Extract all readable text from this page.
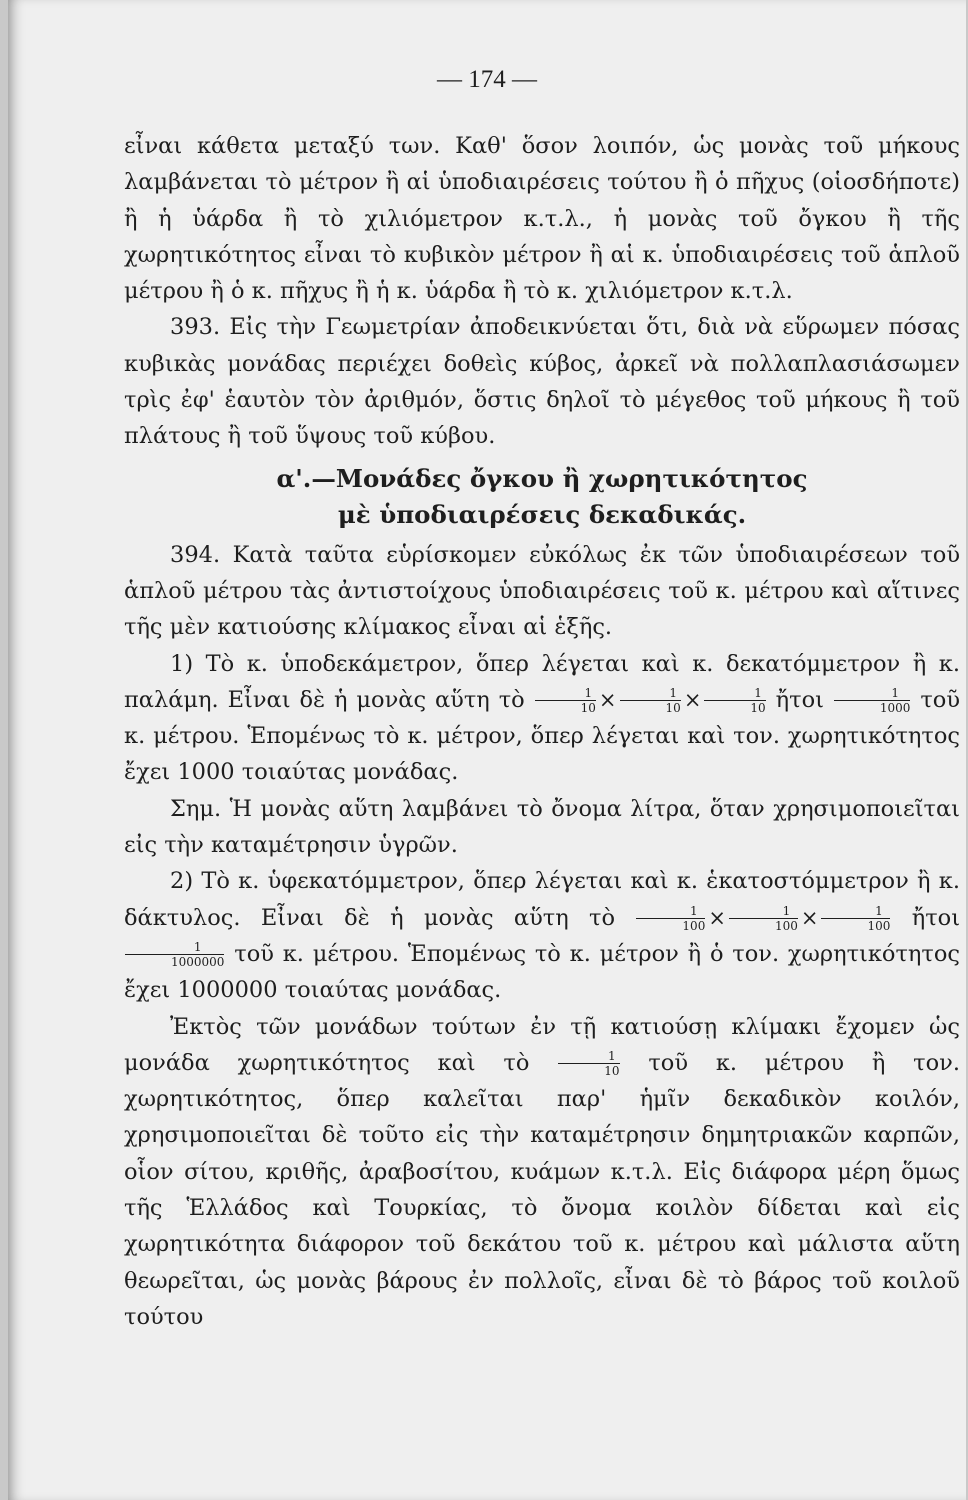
— 174 —

εἶναι κάθετα μεταξύ των. Καθ' ὅσον λοιπόν, ὡς μονὰς τοῦ μήκους λαμβάνεται τὸ μέτρον ἢ αἱ ὑποδιαιρέσεις τούτου ἢ ὁ πῆχυς (οἱοσδήποτε) ἢ ἡ ὑάρδα ἢ τὸ χιλιόμετρον κ.τ.λ., ἡ μονὰς τοῦ ὄγκου ἢ τῆς χωρητικότητος εἶναι τὸ κυβικὸν μέτρον ἢ αἱ κ. ὑποδιαιρέσεις τοῦ ἁπλοῦ μέτρου ἢ ὁ κ. πῆχυς ἢ ἡ κ. ὑάρδα ἢ τὸ κ. χιλιόμετρον κ.τ.λ.

393. Εἰς τὴν Γεωμετρίαν ἀποδεικνύεται ὅτι, διὰ νὰ εὕρωμεν πόσας κυβικὰς μονάδας περιέχει δοθεὶς κύβος, ἀρκεῖ νὰ πολλαπλασιάσωμεν τρὶς ἐφ' ἑαυτὸν τὸν ἀριθμόν, ὅστις δηλοῖ τὸ μέγεθος τοῦ μήκους ἢ τοῦ πλάτους ἢ τοῦ ὕψους τοῦ κύβου.

α'.—Μονάδες ὄγκου ἢ χωρητικότητος
μὲ ὑποδιαιρέσεις δεκαδικάς.

394. Κατὰ ταῦτα εὑρίσκομεν εὐκόλως ἐκ τῶν ὑποδιαιρέσεων τοῦ ἁπλοῦ μέτρου τὰς ἀντιστοίχους ὑποδιαιρέσεις τοῦ κ. μέτρου καὶ αἵτινες τῆς μὲν κατιούσης κλίμακος εἶναι αἱ ἑξῆς.

1) Τὸ κ. ὑποδεκάμετρον, ὅπερ λέγεται καὶ κ. δεκατόμμετρον ἢ κ. παλάμη. Εἶναι δὲ ἡ μονὰς αὕτη τὸ $\frac{1}{10} \times \frac{1}{10} \times \frac{1}{10}$ ἤτοι $\frac{1}{1000}$ τοῦ κ. μέτρου. Ἑπομένως τὸ κ. μέτρον, ὅπερ λέγεται καὶ τον. χωρητικότητος ἔχει 1000 τοιαύτας μονάδας.

Σημ. Ἡ μονὰς αὕτη λαμβάνει τὸ ὄνομα λίτρα, ὅταν χρησιμοποιεῖται εἰς τὴν καταμέτρησιν ὑγρῶν.

2) Τὸ κ. ὑφεκατόμμετρον, ὅπερ λέγεται καὶ κ. ἑκατοστόμμετρον ἢ κ. δάκτυλος. Εἶναι δὲ ἡ μονὰς αὕτη τὸ $\frac{1}{100} \times \frac{1}{100} \times \frac{1}{100}$ ἤτοι
$\frac{1}{1000000}$ τοῦ κ. μέτρου. Ἑπομένως τὸ κ. μέτρον ἢ ὁ τον. χωρητικότητος ἔχει 1000000 τοιαύτας μονάδας.

Ἐκτὸς τῶν μονάδων τούτων ἐν τῇ κατιούσῃ κλίμακι ἔχομεν ὡς μονάδα χωρητικότητος καὶ τὸ $\frac{1}{10}$ τοῦ κ. μέτρου ἢ τον. χωρητικότητος, ὅπερ καλεῖται παρ' ἡμῖν δεκαδικὸν κοιλόν, χρησιμοποιεῖται δὲ τοῦτο εἰς τὴν καταμέτρησιν δημητριακῶν καρπῶν, οἷον σίτου, κριθῆς, ἀραβοσίτου, κυάμων κ.τ.λ. Εἰς διάφορα μέρη ὅμως τῆς Ἑλλάδος καὶ Τουρκίας, τὸ ὄνομα κοιλὸν δίδεται καὶ εἰς χωρητικότητα διάφορον τοῦ δεκάτου τοῦ κ. μέτρου καὶ μάλιστα αὕτη θεωρεῖται, ὡς μονὰς βάρους ἐν πολλοῖς, εἶναι δὲ τὸ βάρος τοῦ κοιλοῦ τούτου
